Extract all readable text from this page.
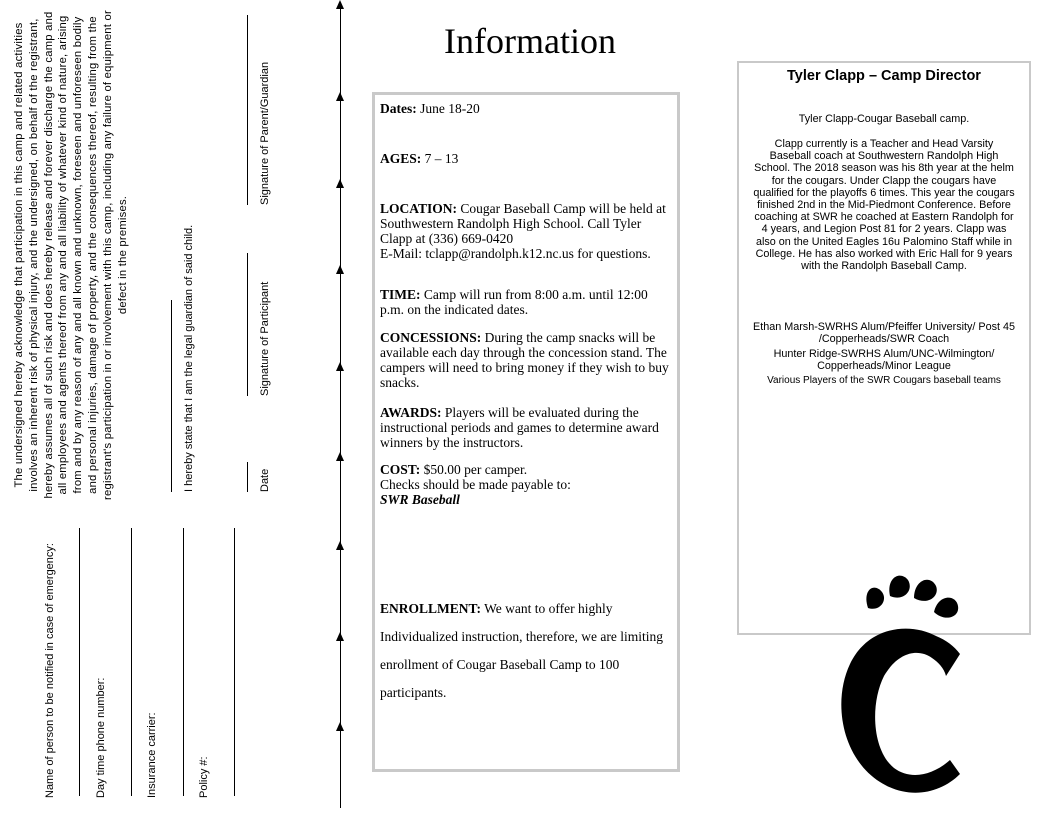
The undersigned hereby acknowledge that participation in this camp and related activities involves an inherent risk of physical injury, and the undersigned, on behalf of the registrant, hereby assumes all of such risk and does hereby release and forever discharge the camp and all employees and agents thereof from any and all liability of whatever kind of nature, arising from and by any reason of any and all known and unknown, foreseen and unforeseen bodily and personal injuries, damage of property, and the consequences thereof, resulting from the registrant's participation in or involvement with this camp, including any failure of equipment or defect in the premises.	I hereby state that I am the legal guardian of said child.
Signature of Parent/Guardian
Signature of Participant
Date
Name of person to be notified in case of emergency:	Day time phone number:	Insurance carrier:	Policy #:
Information

Dates: June 18-20

AGES: 7 – 13

LOCATION: Cougar Baseball Camp will be held at Southwestern Randolph High School. Call Tyler Clapp at (336) 669-0420
E-Mail: tclapp@randolph.k12.nc.us for questions.

TIME: Camp will run from 8:00 a.m. until 12:00 p.m. on the indicated dates.

CONCESSIONS: During the camp snacks will be available each day through the concession stand. The campers will need to bring money if they wish to buy snacks.

AWARDS: Players will be evaluated during the instructional periods and games to determine award winners by the instructors.

COST: $50.00 per camper.
Checks should be made payable to:
SWR Baseball

ENROLLMENT: We want to offer highly Individualized instruction, therefore, we are limiting enrollment of Cougar Baseball Camp to 100 participants.

Tyler Clapp – Camp Director

Tyler Clapp-Cougar Baseball camp.

Clapp currently is a Teacher and Head Varsity Baseball coach at Southwestern Randolph High School. The 2018 season was his 8th year at the helm for the cougars. Under Clapp the cougars have qualified for the playoffs 6 times. This year the cougars finished 2nd in the Mid-Piedmont Conference. Before coaching at SWR he coached at Eastern Randolph for 4 years, and Legion Post 81 for 2 years. Clapp was also on the United Eagles 16u Palomino Staff while in College. He has also worked with Eric Hall for 9 years with the Randolph Baseball Camp.

Ethan Marsh-SWRHS Alum/Pfeiffer University/ Post 45 /Copperheads/SWR Coach

Hunter Ridge-SWRHS Alum/UNC-Wilmington/ Copperheads/Minor League

Various Players of the SWR Cougars baseball teams
